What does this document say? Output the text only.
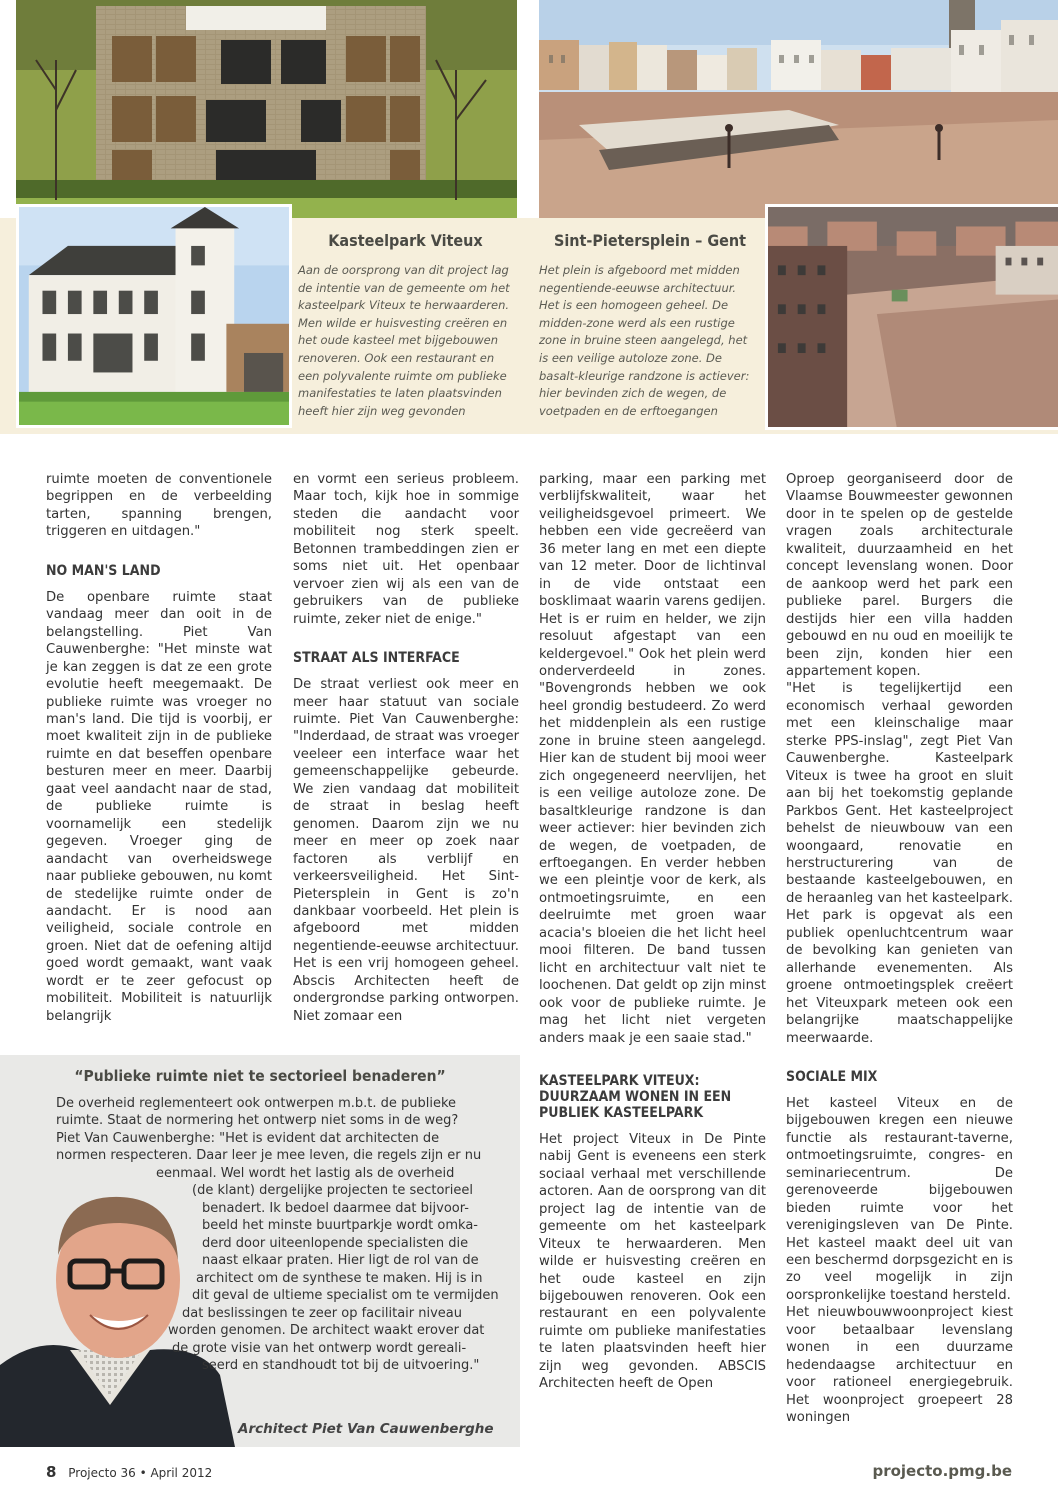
Kasteelpark Viteux
Aan de oorsprong van dit project lag de intentie van de gemeente om het kasteelpark Viteux te herwaarderen. Men wilde er huisvesting creëren en het oude kasteel met bijgebouwen renoveren. Ook een restaurant en een polyvalente ruimte om publieke manifestaties te laten plaatsvinden heeft hier zijn weg gevonden
Sint-Pietersplein – Gent
Het plein is afgeboord met midden negentiende-eeuwse architectuur. Het is een homogeen geheel. De midden-zone werd als een rustige zone in bruine steen aangelegd, het is een veilige autoloze zone. De basalt-kleurige randzone is actiever: hier bevinden zich de wegen, de voetpaden en de erftoegangen

ruimte moeten de conventionele begrippen en de verbeelding tarten, spanning brengen, triggeren en uitdagen."

NO MAN'S LAND

De openbare ruimte staat vandaag meer dan ooit in de belangstelling. Piet Van Cauwenberghe: "Het minste wat je kan zeggen is dat ze een grote evolutie heeft meegemaakt. De publieke ruimte was vroeger no man's land. Die tijd is voorbij, er moet kwaliteit zijn in de publieke ruimte en dat beseffen openbare besturen meer en meer. Daarbij gaat veel aandacht naar de stad, de publieke ruimte is voornamelijk een stedelijk gegeven. Vroeger ging de aandacht van overheidswege naar publieke gebouwen, nu komt de stedelijke ruimte onder de aandacht. Er is nood aan veiligheid, sociale controle en groen. Niet dat de oefening altijd goed wordt gemaakt, want vaak wordt er te zeer gefocust op mobiliteit. Mobiliteit is natuurlijk belangrijk

en vormt een serieus probleem. Maar toch, kijk hoe in sommige steden die aandacht voor mobiliteit nog sterk speelt. Betonnen trambeddingen zien er soms niet uit. Het openbaar vervoer zien wij als een van de gebruikers van de publieke ruimte, zeker niet de enige."

STRAAT ALS INTERFACE

De straat verliest ook meer en meer haar statuut van sociale ruimte. Piet Van Cauwenberghe: "Inderdaad, de straat was vroeger veeleer een interface waar het gemeenschappelijke gebeurde. We zien vandaag dat mobiliteit de straat in beslag heeft genomen. Daarom zijn we nu meer en meer op zoek naar factoren als verblijf en verkeersveiligheid. Het Sint-Pietersplein in Gent is zo'n dankbaar voorbeeld. Het plein is afgeboord met midden negentiende-eeuwse architectuur. Het is een vrij homogeen geheel. Abscis Architecten heeft de ondergrondse parking ontworpen. Niet zomaar een

parking, maar een parking met verblijfskwaliteit, waar het veiligheidsgevoel primeert. We hebben een vide gecreëerd van 36 meter lang en met een diepte van 12 meter. Door de lichtinval in de vide ontstaat een bosklimaat waarin varens gedijen. Het is er ruim en helder, we zijn resoluut afgestapt van een keldergevoel." Ook het plein werd onderverdeeld in zones. "Bovengronds hebben we ook heel grondig bestudeerd. Zo werd het middenplein als een rustige zone in bruine steen aangelegd. Hier kan de student bij mooi weer zich ongegeneerd neervlijen, het is een veilige autoloze zone. De basaltkleurige randzone is dan weer actiever: hier bevinden zich de wegen, de voetpaden, de erftoegangen. En verder hebben we een pleintje voor de kerk, als ontmoetingsruimte, en een deelruimte met groen waar acacia's bloeien die het licht heel mooi filteren. De band tussen licht en architectuur valt niet te loochenen. Dat geldt op zijn minst ook voor de publieke ruimte. Je mag het licht niet vergeten anders maak je een saaie stad."

KASTEELPARK VITEUX: DUURZAAM WONEN IN EEN PUBLIEK KASTEELPARK

Het project Viteux in De Pinte nabij Gent is eveneens een sterk sociaal verhaal met verschillende actoren. Aan de oorsprong van dit project lag de intentie van de gemeente om het kasteelpark Viteux te herwaarderen. Men wilde er huisvesting creëren en het oude kasteel en zijn bijgebouwen renoveren. Ook een restaurant en een polyvalente ruimte om publieke manifestaties te laten plaatsvinden heeft hier zijn weg gevonden. ABSCIS Architecten heeft de Open

Oproep georganiseerd door de Vlaamse Bouwmeester gewonnen door in te spelen op de gestelde vragen zoals architecturale kwaliteit, duurzaamheid en het concept levenslang wonen. Door de aankoop werd het park een publieke parel. Burgers die destijds hier een villa hadden gebouwd en nu oud en moeilijk te been zijn, konden hier een appartement kopen.

"Het is tegelijkertijd een economisch verhaal geworden met een kleinschalige maar sterke PPS-inslag", zegt Piet Van Cauwenberghe. Kasteelpark Viteux is twee ha groot en sluit aan bij het toekomstig geplande Parkbos Gent. Het kasteelproject behelst de nieuwbouw van een woongaard, renovatie en herstructurering van de bestaande kasteelgebouwen, en de heraanleg van het kasteelpark. Het park is opgevat als een publiek openluchtcentrum waar de bevolking kan genieten van allerhande evenementen. Als groene ontmoetingsplek creëert het Viteuxpark meteen ook een belangrijke maatschappelijke meerwaarde.

SOCIALE MIX

Het kasteel Viteux en de bijgebouwen kregen een nieuwe functie als restaurant-taverne, ontmoetingsruimte, congres- en seminariecentrum. De gerenoveerde bijgebouwen bieden ruimte voor het verenigingsleven van De Pinte. Het kasteel maakt deel uit van een beschermd dorpsgezicht en is zo veel mogelijk in zijn oorspronkelijke toestand hersteld.

Het nieuwbouwwoonproject kiest voor betaalbaar levenslang wonen in een duurzame hedendaagse architectuur en voor rationeel energiegebruik. Het woonproject groepeert 28 woningen

“Publieke ruimte niet te sectorieel benaderen”
De overheid reglementeert ook ontwerpen m.b.t. de publieke
ruimte. Staat de normering het ontwerp niet soms in de weg?
Piet Van Cauwenberghe: "Het is evident dat architecten de
normen respecteren. Daar leer je mee leven, die regels zijn er nu
eenmaal. Wel wordt het lastig als de overheid
(de klant) dergelijke projecten te sectorieel
benadert. Ik bedoel daarmee dat bijvoor-
beeld het minste buurtparkje wordt omka-
derd door uiteenlopende specialisten die
naast elkaar praten. Hier ligt de rol van de
architect om de synthese te maken. Hij is in
dit geval de ultieme specialist om te vermijden
dat beslissingen te zeer op facilitair niveau
worden genomen. De architect waakt erover dat
de grote visie van het ontwerp wordt gereali-
seerd en standhoudt tot bij de uitvoering."
Architect Piet Van Cauwenberghe
8 Projecto 36 • April 2012	projecto.pmg.be
